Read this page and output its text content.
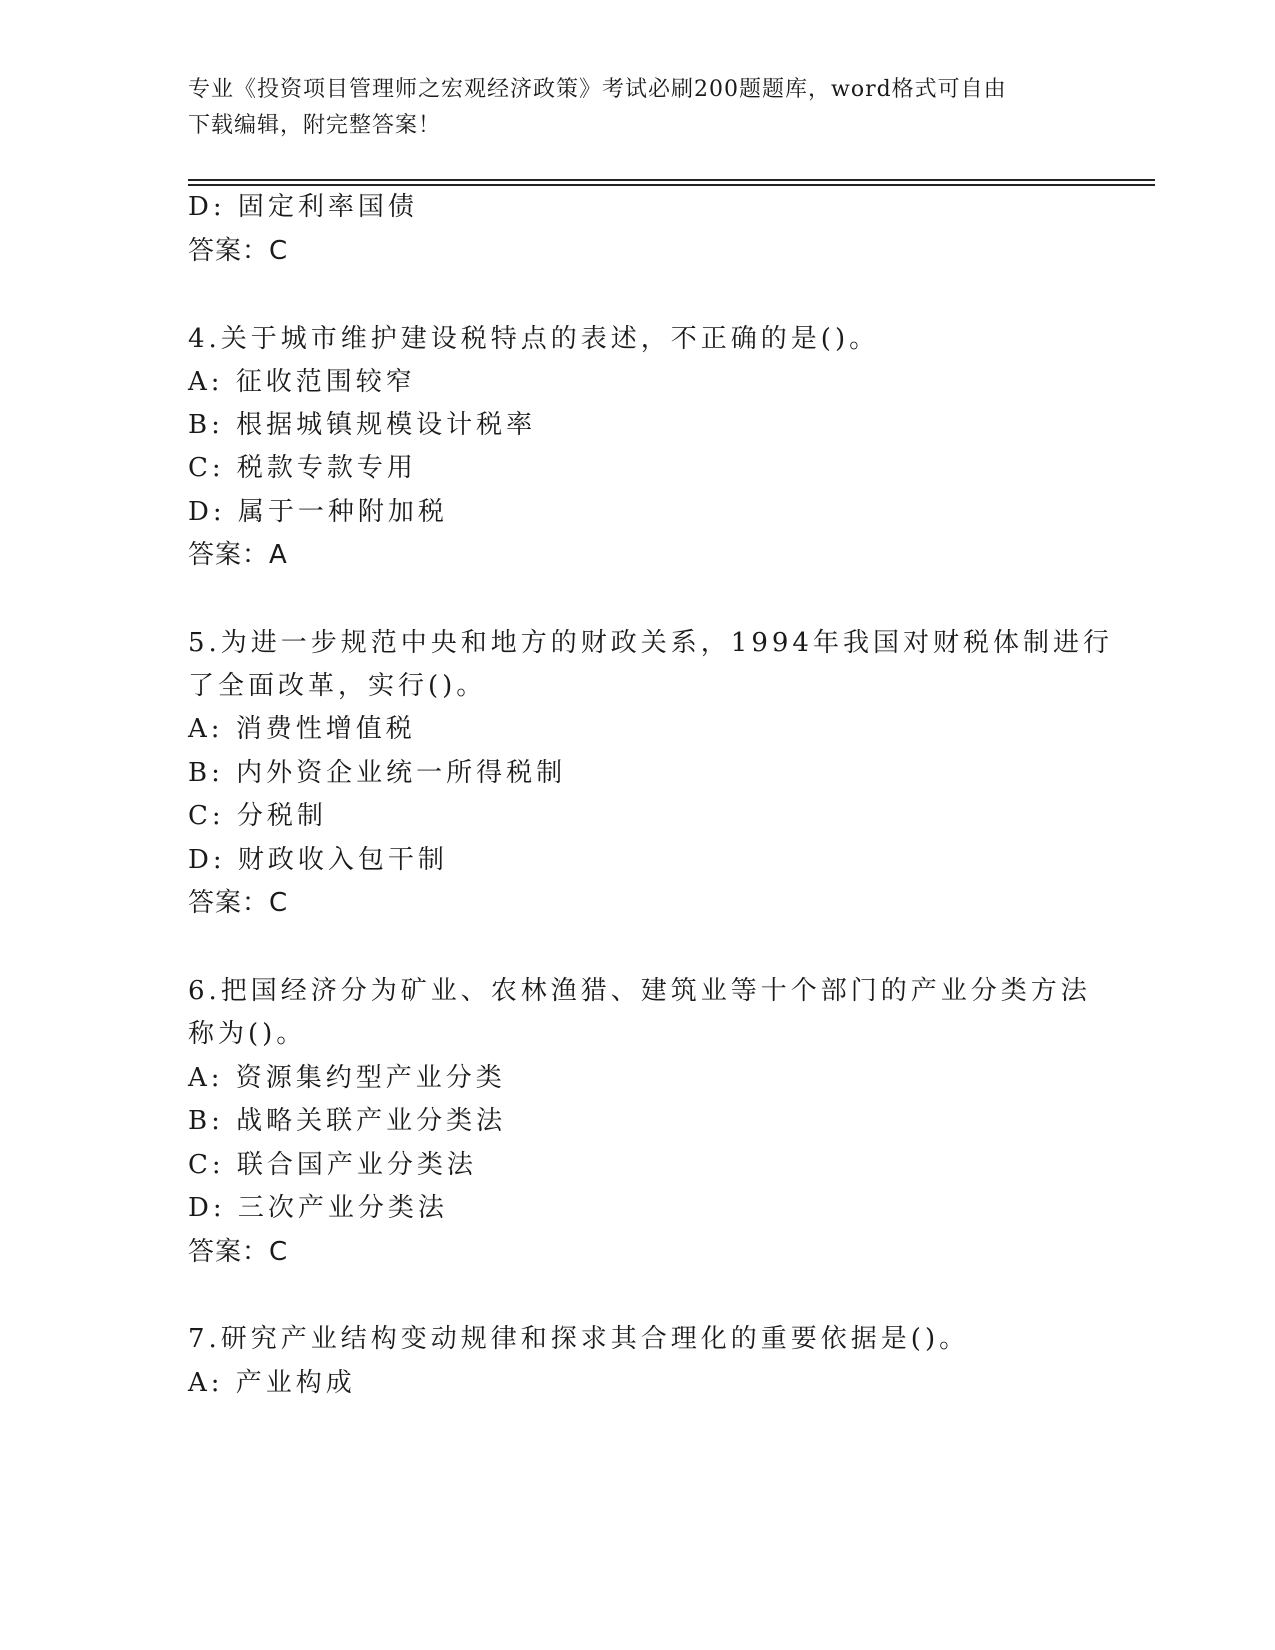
专业《投资项目管理师之宏观经济政策》考试必刷200题题库，word格式可自由
下载编辑，附完整答案！
D: 固定利率国债
答案：C
4.关于城市维护建设税特点的表述，不正确的是()。
A: 征收范围较窄
B: 根据城镇规模设计税率
C: 税款专款专用
D: 属于一种附加税
答案：A
5.为进一步规范中央和地方的财政关系，1994年我国对财税体制进行
了全面改革，实行()。
A: 消费性增值税
B: 内外资企业统一所得税制
C: 分税制
D: 财政收入包干制
答案：C
6.把国经济分为矿业、农林渔猎、建筑业等十个部门的产业分类方法
称为()。
A: 资源集约型产业分类
B: 战略关联产业分类法
C: 联合国产业分类法
D: 三次产业分类法
答案：C
7.研究产业结构变动规律和探求其合理化的重要依据是()。
A: 产业构成
